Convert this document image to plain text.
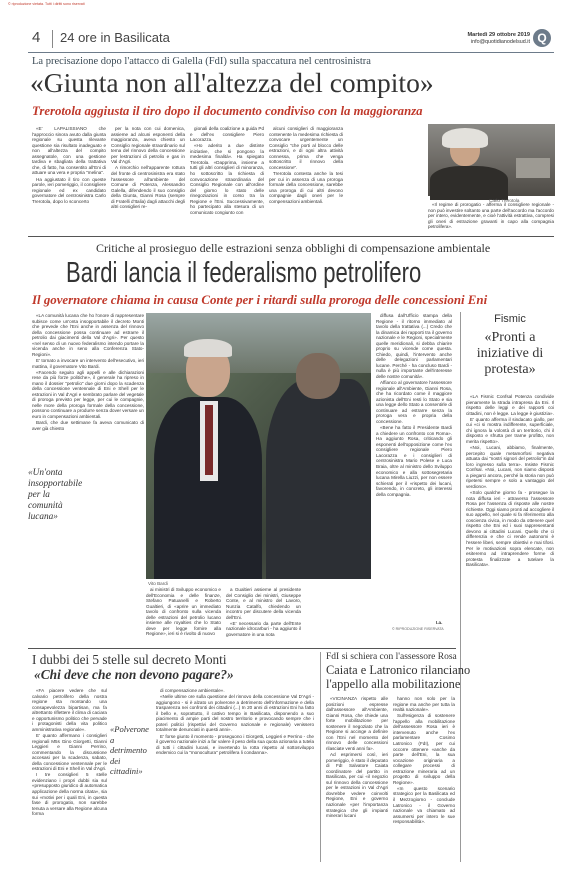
© riproduzione vietata. Tutti i diritti sono riservati
4 24 ore in Basilicata	Martedì 29 ottobre 2019
info@quotidianodelsud.it Q
La precisazione dopo l'attacco di Galella (FdI) sulla spaccatura nel centrosinistra
«Giunta non all'altezza del compito»
Trerotola aggiusta il tiro dopo il documento condiviso con la maggioranza

«E' LAPALISSIANO che l'approccio sinora avuto dalla giunta regionale su questa rilevante questione sia risultato inadeguato e non all'altezza del compito assegnatole, con una gestione tardiva e sbagliata della trattativa che, di fatto, ha consentito all'Eni di attuare una vera e propria "melina".

Ha aggiustato il tiro con queste parole, ieri pomeriggio, il consigliere regionale ed ex candidato governatore del centrosinistra Carlo Trerotola, dopo lo sconcerto

per la nota con cui domenica, assieme ad alcuni esponenti della maggioranza, aveva chiesto un Consiglio regionale straordinario sul tema del rinnovo della concessione per lestrazioni di petrolio e gas in Val d'Agri.

A rimorchio nell'apparente rottura del fronte di centrosinistra era stato l'assessore all'ambiente del Comune di Potenza, Alessandro Galella, difendendo il suo consiglio della Giunta, Gianni Rosa (sempre di Fratelli d'Italia) dagli attacchi degli altri consiglieri re-

gionali della coalizione a guida Pd e dell'ex consigliere Piero Lacorazza.

«Ho aderito a due distinte iniziative, che si pongono la medesima finalità». Ha spiegato Trerotola. «Dapprima, insieme a tutti gli altri consiglieri di minoranza, ho sottoscritto la richiesta di convocazione straordinaria del Consiglio Regionale con all'ordine del giorno lo stato delle rinegoziazioni in corso tra la Regione e l'Eni. Successivamente, ho partecipato alla stesura di un comunicato congiunto con

alcuni consiglieri di maggioranza contenente la medesima richiesta di convocare urgentemente un Consiglio "che porti al blocco delle estrazioni, e di ogni altra attività connessa, prima che venga sottoscritto il rinnovo della concessione".

Trerotola contesta anche la tesi per cui in assenza di una proroga formale della concessione, sarebbe una proroga di cui altri devono compagnie dagli oneri per le compensazioni ambientali.	Carlo Trerotola

«Il regime di prorogatio - afferma il consigliere regionale - non può investire soltanto una parte dell'accordo ma l'accordo per intero, evidentemente, e cioè l'attività estrattiva, compresi gli oneri di estrazione gravanti in capo alla compagnia petrolifera».

Critiche al prosieguo delle estrazioni senza obblighi di compensazione ambientale
Bardi lancia il federalismo petrolifero
Il governatore chiama in causa Conte per i ritardi sulla proroga delle concessioni Eni

«LA comunità lucana che ho l'onore di rappresentare subisce come un'onta insopportabile il decreto Monti che prevede che l'Eni anche in assenza del rinnovo della concessione possa continuare ad estrarre il petrolio dai giacimenti della Val d'Agri». Per questo «nel senso di un nuovo federalismo intendo portare la vicenda anche in seno alla Conferenza Stato-Regioni».

E' tornato a invocare un intervento dell'esecutivo, ieri mattina, il governatore Vito Bardi.

«Facendo seguito agli appelli e alle dichiarazioni rese da più forze politiche», il generale ha ripreso in mano il dossier "petrolio" due giorni dopo la scadenza della concessione ventennale di Eni e Shell per le estrazioni in Val d'Agri e sembrato parlare del vegetale di proroga previsto per legge, per cui le compagnie, nelle more della proroga formale della concessione, possono continuare a produrre senza dover versare un euro in compensazioni ambientali.

Bardi, che due settimane fa aveva comunicato di aver già chiesto

«Un'onta insopportabile per la comunità lucana»
Vito Bardi

ai ministri di Sviluppo economico e dell'Economia e delle finanze, Stefano Patuanelli e Roberto Gualtieri, di «aprire un immediato tavolo di confronto sulla vicenda delle estrazioni del petrolio lucano insieme alle royalties che lo Stato deve per legge fornire alla Regione», ieri si è rivolto di nuovo

a Gualtieri assieme al presidente del Consiglio dei ministri, Giuseppe Conte, e al ministro del Lavoro, Nunzia Catalfo, chiedendo un incontro per discutere della vicenda dell'Eni.

«E' necessario da parte dell'Ente nazionale idrocarburi - ha aggiunto il governatore in una nota

diffusa dall'Ufficio stampa della Regione - il ritorno immediato al tavolo della trattativa (...) Credo che la dinamica dei rapporti tra il governo nazionale e le Regioni, specialmente quelle meridionali, si debba chiarire proprio su vicende come questa. Chiedo, quindi, l'intervento anche delle delegazioni parlamentari lucane. Perché - ha concluso Bardi - nulla è più importante dell'interesse delle nostre comunità».

Affianco al governatore l'assessore regionale all'Ambiente, Gianni Rosa, che ha ricordato come il maggiore azionista dell'Eni resti lo Stato e sia una legge dello Stato a consentirle di continuare ad estrarre senza la proroga vera e propria della concessione.

«Bene ha fatto il Presidente Bardi a chiedere un confronto con Roma». Ha aggiunto Rosa, criticando gli esponenti dell'opposizione come l'ex consigliere regionale Piero Lacorazza e i consiglieri di centrosinistra Mario Polese e Luca Braia, oltre al ministro dello Sviluppo economico e alla sottosegretaria lucana Mirella Liuzzi, per non essere schierati per il «rispetto dei lucani, favorendo, in concreto, gli interessi della compagnia.

I.a.
© RIPRODUZIONE RISERVATA
Fismic
«Pronti a iniziative di protesta»

«LA Fismic Confsal Potenza condivide pienamente la strada intrapresa da Eni. Il rispetto delle leggi e dei rapporti coi cittadini, non è legge. La legge è giustizia».

E' quanto afferma il sindacato giallo, per cui «ci si mostra indifferente, superficiale, chi ignora la volontà di un territorio, chi il disposto e sfrutta per trarne profitto, non merita rispetto».

«Noi, Lucani, abbiamo, finalmente, percepito quale metamorfosi negativa attuata dai "nostri signori del petrolio"in dal loro ingresso sulla terra». Insiste Fismic Confsal. «Noi, Lucani, non siamo disposti a piegarci ancora, perché la storia non può ripetersi sempre e solo a vantaggio del verdiono».

«Solo qualche giorno fa - prosegue la nota diffusa ieri - attraverso l'assessore Rosa per l'assenza di risposte alle nostre richieste. Oggi siamo pronti ad accogliere il suo appello, nel quale si fa riferimento alla coscienza civica, in modo da ottenere quel rispetto che Eni ed i suoi rappresentanti devono ai cittadini Lucani. Quello che ci differenzia e che ci rende autonomi è l'essere liberi, sempre obiettivi e mai tifosi. Per le motivazioni sopra elencate, non esiteremo ad intraprendere forme di protesta finalizzate a tutelare la Basilicata».

I dubbi dei 5 stelle sul decreto Monti
«Chi deve che non devono pagare?»

«FA piacere vedere che sul calvario petrolifero della nostra regione sta montando una consapevolezza bipartisan, ma fa altrettanto riflettere il clima di caciara e opportunismo politico che pervade i protagonisti della vita politico amministrativa regionale».

E' quanto affermano i consiglieri regionali M5s Gino Giorgetti, Gianni Leggieri e Gianni Perrino, commentando la discussione accesasi per la scadenza, sabato, della concessione ventennale per le estrazioni di Eni e Shell in Val d'Agri.

I tre consiglieri 5 stelle evidenziano i propri dubbi sia sul «presupposto giuridico di automatica applicazione della norma citata», sia sui «motivi per i quali Eni, in questa fase di prorogatio, non sarebbe tenuta a versare alla Regione alcuna forma

«Polverone a detrimento dei cittadini»

di compensazione ambientale».

«Nelle ultime ore sulla questione del rinnovo della concessione Val D'Agri - aggiungono - si è alzato un polverone a detrimento dell'informazione e della trasparenza nei confronti dei cittadini (...) In 20 anni di estrazioni Eni ha fatto il bello e, soprattutto, il cattivo tempo in Basilicata, disponendo a suo piacimento di ampie parti del nostro territorio e provocando sempre che i poteri politici (rispettivi del Governo nazionale e regionale) venissero totalmente denunciati in questi anni».

E' forse giunto il momento - proseguono i Giorgetti, Leggieri e Perrino - che il governo nazionale inizi a far valere il peso della sua quota azionaria a tutela di tutti i cittadini lucani, e invertendo la rotta rispetto al sottosviluppo endemico cui la "monocultura" petrolifera li condanna».

FdI si schiera con l'assessore Rosa
Caiata e Latronico rilanciano
l'appello alla mobilitazione

«VICINANZA rispetto alle posizioni espresse dall'assessore all'Ambiente, Gianni Rosa, che chiede una forte mobilitazione per sostenere il negoziato che la Regione si accinge a definire con l'Eni nel momento del rinnovo delle concessioni rilasciate venti anni fa».

Ad esprimersi così, ieri pomeriggio, è stato il deputato di FdI Salvatore Caiata coordinatore del partito in Basilicata, per cui «il negozio sul rinnovo della concessione per le estrazioni in Val d'Agri dovrebbe vedere coinvolti Regione, Eni e governo nazionale «per l'importanza strategica che gli impianti minerari lucani

hanno non solo per la regione ma anche per tutta la realtà nazionale».

Sull'esigenza di sostenere l'appello alla mobilitazione dell'assessore Rosa ieri è intervenuto anche l'ex parlamentare Cosimo Latronico (FdI), per cui occorre ottenere «anche da parte dell'Eni, la sua vocazione originaria a collegare processi di estrazione mineraria ad un progetto di sviluppo della Regione».

«In questo scenario strategico per la Basilicata ed il Mezzogiorno - conclude Latronico - il Governo nazionale va chiamato ad assumersi per intero le sue responsabilità».
